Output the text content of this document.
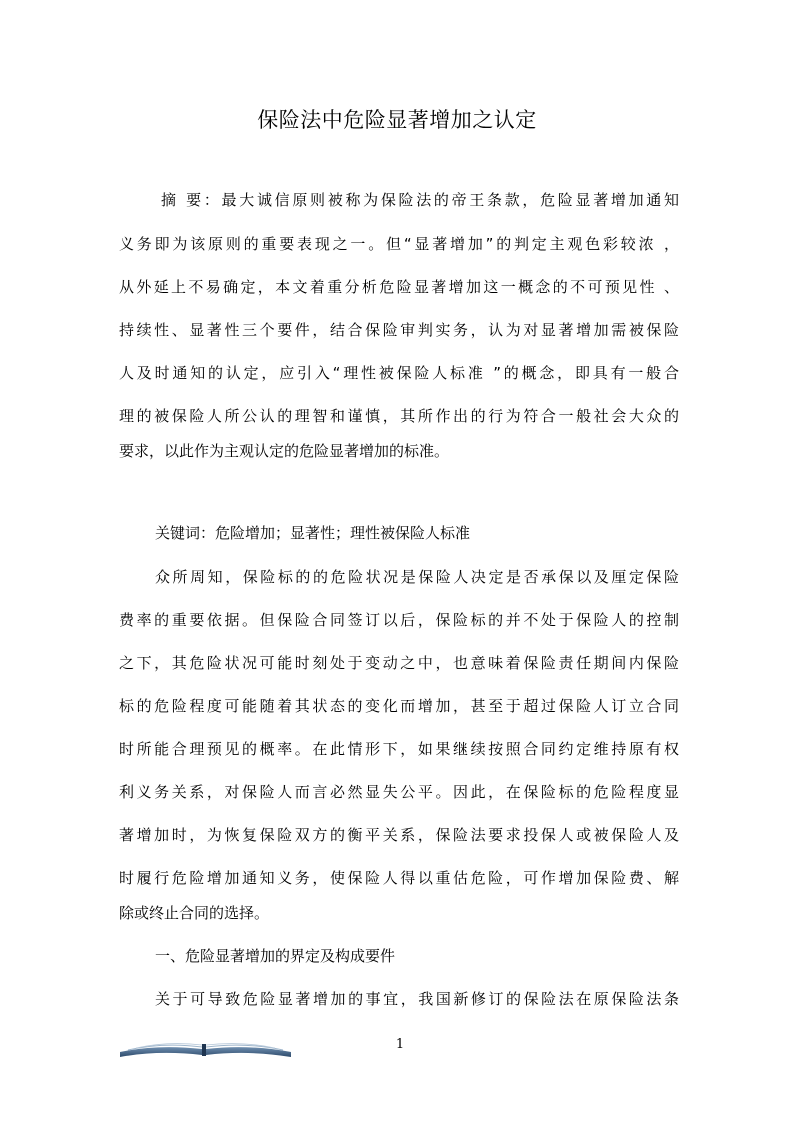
保险法中危险显著增加之认定
摘 要：最大诚信原则被称为保险法的帝王条款，危险显著增加通知
义务即为该原则的重要表现之一。但“显著增加”的判定主观色彩较浓 ，
从外延上不易确定，本文着重分析危险显著增加这一概念的不可预见性 、
持续性、显著性三个要件，结合保险审判实务，认为对显著增加需被保险
人及时通知的认定，应引入“理性被保险人标准 ”的概念，即具有一般合
理的被保险人所公认的理智和谨慎，其所作出的行为符合一般社会大众的
要求，以此作为主观认定的危险显著增加的标准。
关键词：危险增加；显著性；理性被保险人标准
众所周知，保险标的的危险状况是保险人决定是否承保以及厘定保险
费率的重要依据。但保险合同签订以后，保险标的并不处于保险人的控制
之下，其危险状况可能时刻处于变动之中，也意味着保险责任期间内保险
标的危险程度可能随着其状态的变化而增加，甚至于超过保险人订立合同
时所能合理预见的概率。在此情形下，如果继续按照合同约定维持原有权
利义务关系，对保险人而言必然显失公平。因此，在保险标的危险程度显
著增加时，为恢复保险双方的衡平关系，保险法要求投保人或被保险人及
时履行危险增加通知义务，使保险人得以重估危险，可作增加保险费、解
除或终止合同的选择。
一、危险显著增加的界定及构成要件
关于可导致危险显著增加的事宜，我国新修订的保险法在原保险法条
1
